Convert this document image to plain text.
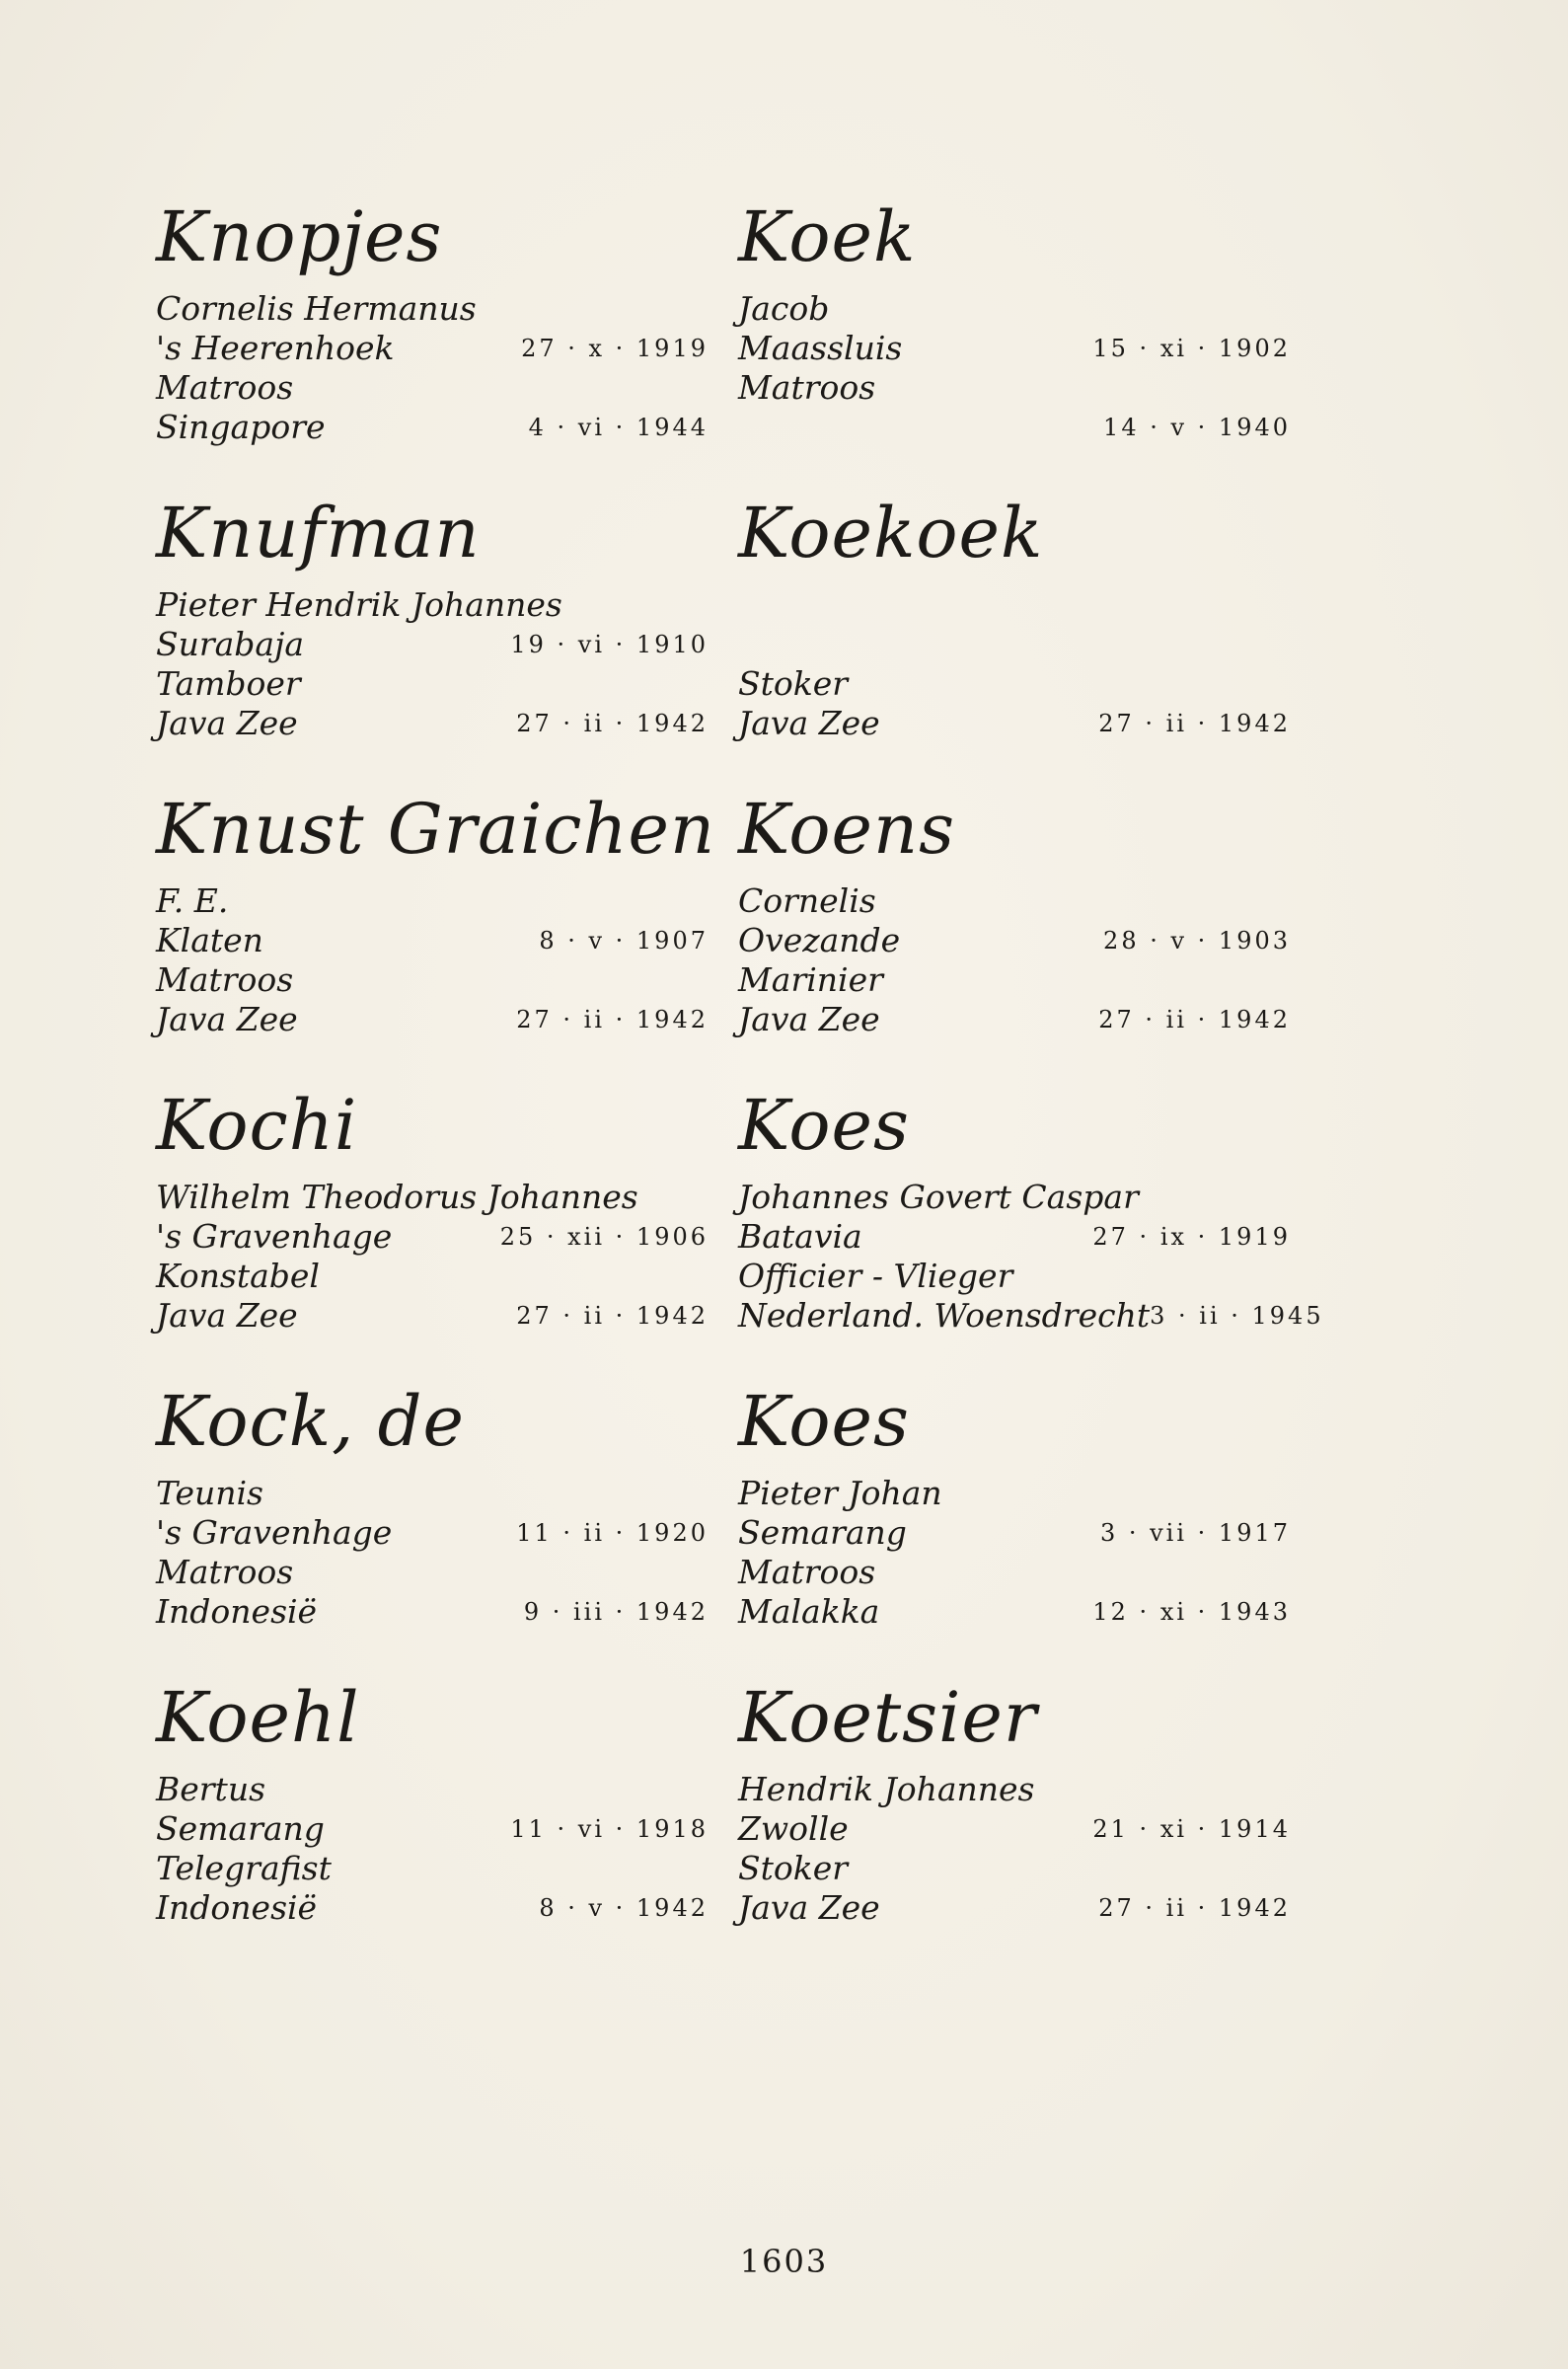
Knopjes
Cornelis Hermanus
's Heerenhoek	27 · x · 1919
Matroos
Singapore	4 · vi · 1944
Knufman
Pieter Hendrik Johannes
Surabaja	19 · vi · 1910
Tamboer
Java Zee	27 · ii · 1942
Knust Graichen
F. E.
Klaten	8 · v · 1907
Matroos
Java Zee	27 · ii · 1942
Kochi
Wilhelm Theodorus Johannes
's Gravenhage	25 · xii · 1906
Konstabel
Java Zee	27 · ii · 1942
Kock, de
Teunis
's Gravenhage	11 · ii · 1920
Matroos
Indonesië	9 · iii · 1942
Koehl
Bertus
Semarang	11 · vi · 1918
Telegrafist
Indonesië	8 · v · 1942
Koek
Jacob
Maassluis	15 · xi · 1902
Matroos
14 · v · 1940
Koekoek
Stoker
Java Zee	27 · ii · 1942
Koens
Cornelis
Ovezande	28 · v · 1903
Marinier
Java Zee	27 · ii · 1942
Koes
Johannes Govert Caspar
Batavia	27 · ix · 1919
Officier - Vlieger
Nederland. Woensdrecht 3 · ii · 1945
Koes
Pieter Johan
Semarang	3 · vii · 1917
Matroos
Malakka	12 · xi · 1943
Koetsier
Hendrik Johannes
Zwolle	21 · xi · 1914
Stoker
Java Zee	27 · ii · 1942
1603
